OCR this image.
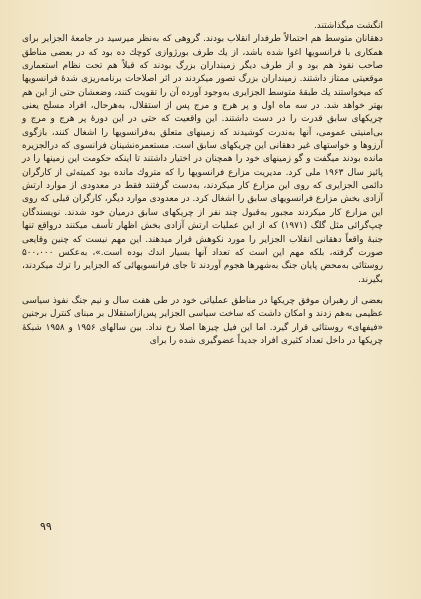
انگشت میگذاشتند.

دهقانان متوسط هم احتمالاً طرفدار انقلاب بودند. گروهی که به‌نظر میرسید در جامعهٔ الجزایر برای همکاری با فرانسویها اغوا شده باشد، از یك طرف بورژوازی کوچك ده بود که در بعضی مناطق صاحب نفوذ هم بود و از طرف دیگر زمینداران بزرگ بودند که قبلاً هم تحت نظام استعماری موقعیتی ممتاز داشتند. زمینداران بزرگ تصور میکردند در اثر اصلاحات برنامه‌ریزی شدهٔ فرانسویها که میخواستند یك طبقهٔ متوسط الجزایری به‌وجود آورده آن را تقویت کنند، وضعشان حتی از این هم بهتر خواهد شد. در سه ماه اول و پر هرج و مرج پس از استقلال، به‌هرحال، افراد مسلح یعنی چریکهای سابق قدرت را در دست داشتند. این واقعیت که حتی در این دورهٔ پر هرج و مرج و بی‌امنیتی عمومی، آنها به‌ندرت کوشیدند که زمینهای متعلق به‌فرانسویها را اشغال کنند، بازگوی آرزوها و خواستهای غیر دهقانی این چریکهای سابق است. مستعمره‌نشینان فرانسوی که درالجزیره مانده بودند میگفت و گو زمینهای خود را همچنان در اختیار داشتند تا اینکه حکومت این زمینها را در پائیز سال ۱۹۶۳ ملی کرد. مدیریت مزارع فرانسویها را که متروك مانده بود کمیته‌ئی از کارگران دائمی الجزایری که روی این مزارع کار میکردند، به‌دست گرفتند فقط در معدودی از موارد ارتش آزادی بخش مزارع فرانسویهای سابق را اشغال کرد. در معدودی موارد دیگر، کارگران قبلی که روی این مزارع کار میکردند مجبور به‌قبول چند نفر از چریکهای سابق درمیان خود شدند. نویسندگان چپ‌گرائی مثل گلگ (۱۹۷۱) که از این عملیات ارتش آزادی بخش اظهار تأسف میکنند درواقع تنها جنبهٔ واقعاً دهقانی انقلاب الجزایر را مورد نکوهش قرار میدهند. این مهم نیست که چنین وقایعی صورت گرفته، بلکه مهم این است که تعداد آنها بسیار اندك بوده است.»، به‌عکس ۵۰۰،۰۰۰ روستائی به‌محض پایان جنگ به‌شهرها هجوم آوردند تا جای فرانسویهائی که الجزایر را ترك میکردند، بگیرند.

بعضی از رهبران موفق چریکها در مناطق عملیاتی خود در طی هفت سال و نیم جنگ نفوذ سیاسی عظیمی به‌هم زدند و امکان داشت که ساخت سیاسی الجزایر پس‌ازاستقلال بر مبنای کنترل برجنین «فیفهای» روستائی قرار گیرد. اما این فیل چیزها اصلا رخ نداد. بین سالهای ۱۹۵۶ و ۱۹۵۸ شبکهٔ چریکها در داخل تعداد کثیری افراد جدیداً عضوگیری شده را برای

۹۹
